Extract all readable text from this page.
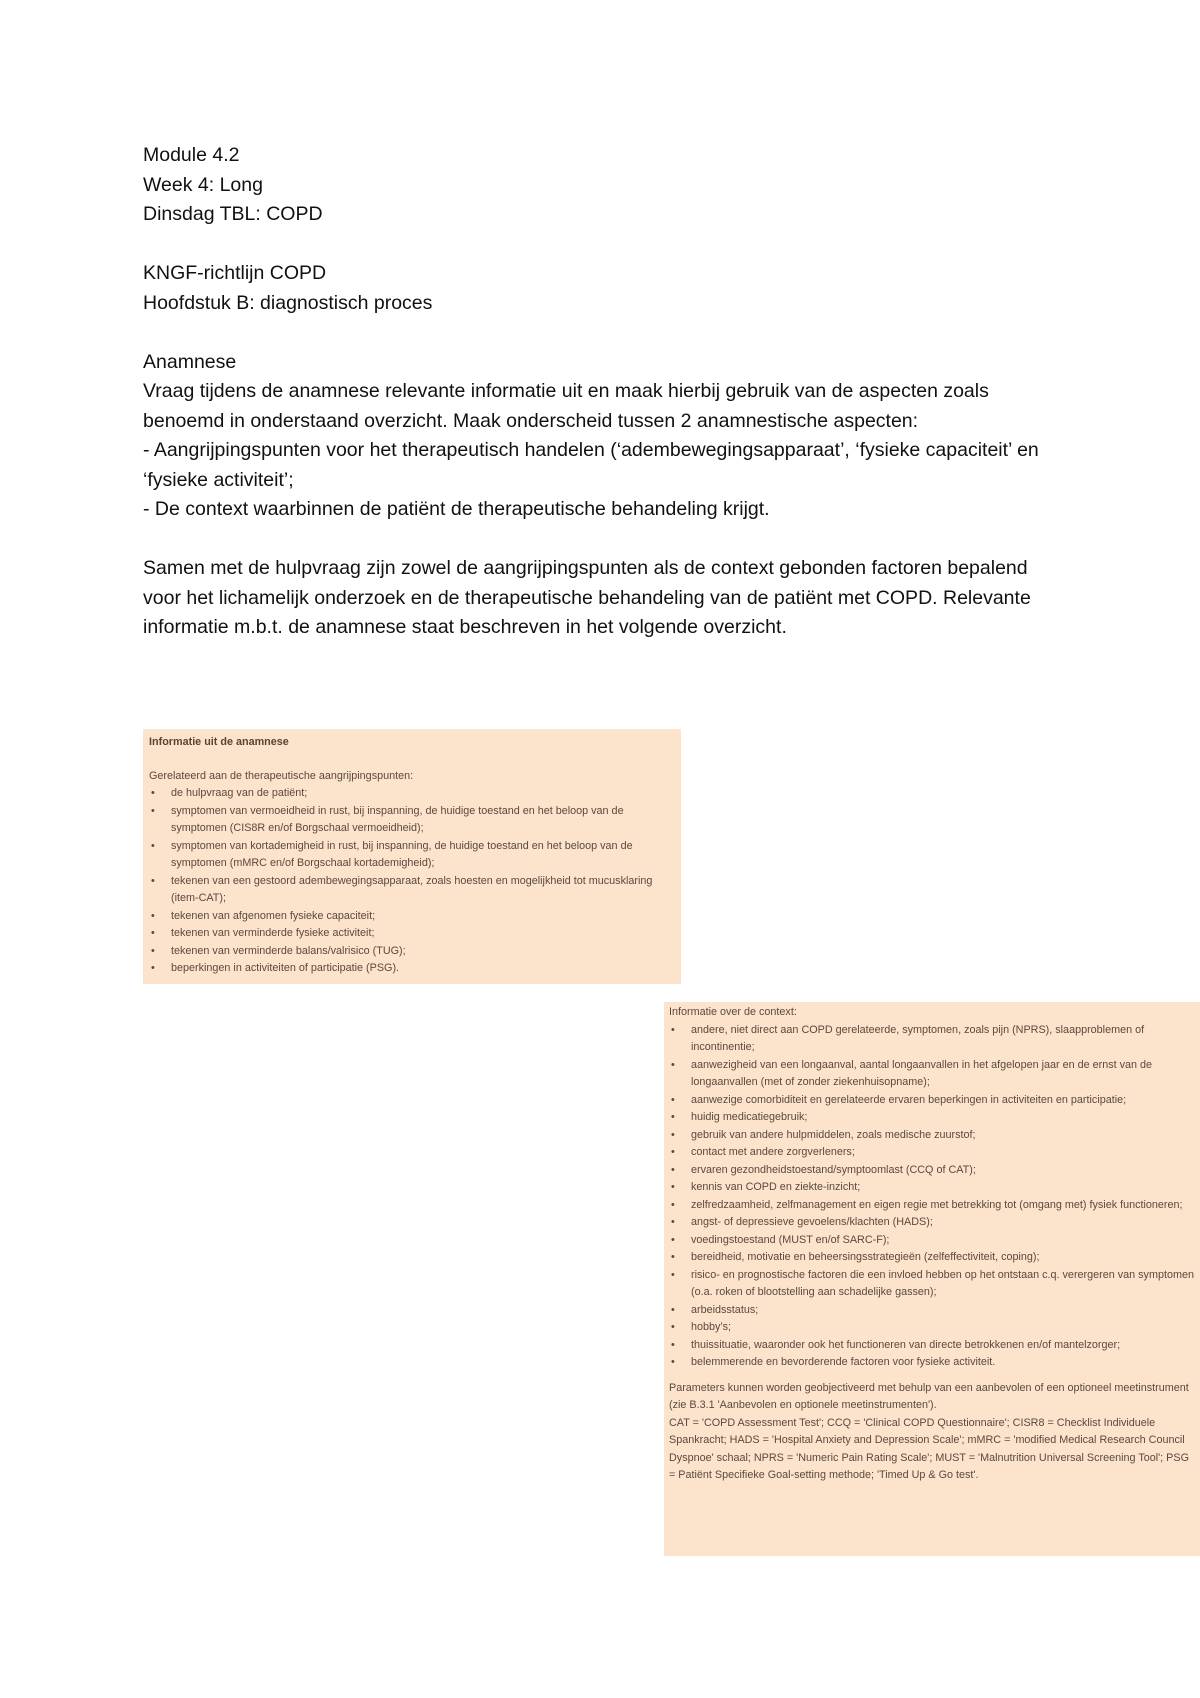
Module 4.2
Week 4: Long
Dinsdag TBL: COPD
KNGF-richtlijn COPD
Hoofdstuk B: diagnostisch proces
Anamnese
Vraag tijdens de anamnese relevante informatie uit en maak hierbij gebruik van de aspecten zoals benoemd in onderstaand overzicht. Maak onderscheid tussen 2 anamnestische aspecten:
- Aangrijpingspunten voor het therapeutisch handelen (‘adembewegingsapparaat’, ‘fysieke capaciteit’ en ‘fysieke activiteit’;
- De context waarbinnen de patiënt de therapeutische behandeling krijgt.
Samen met de hulpvraag zijn zowel de aangrijpingspunten als de context gebonden factoren bepalend voor het lichamelijk onderzoek en de therapeutische behandeling van de patiënt met COPD. Relevante informatie m.b.t. de anamnese staat beschreven in het volgende overzicht.
Informatie uit de anamnese
Gerelateerd aan de therapeutische aangrijpingspunten:
• de hulpvraag van de patiënt;
• symptomen van vermoeidheid in rust, bij inspanning, de huidige toestand en het beloop van de symptomen (CIS8R en/of Borgschaal vermoeidheid);
• symptomen van kortademigheid in rust, bij inspanning, de huidige toestand en het beloop van de symptomen (mMRC en/of Borgschaal kortademigheid);
• tekenen van een gestoord adembewegingsapparaat, zoals hoesten en mogelijkheid tot mucusklaring (item-CAT);
• tekenen van afgenomen fysieke capaciteit;
• tekenen van verminderde fysieke activiteit;
• tekenen van verminderde balans/valrisico (TUG);
• beperkingen in activiteiten of participatie (PSG).
Informatie over de context:
• andere, niet direct aan COPD gerelateerde, symptomen, zoals pijn (NPRS), slaapproblemen of incontinentie;
• aanwezigheid van een longaanval, aantal longaanvallen in het afgelopen jaar en de ernst van de longaanvallen (met of zonder ziekenhuisopname);
• aanwezige comorbiditeit en gerelateerde ervaren beperkingen in activiteiten en participatie;
• huidig medicatiegebruik;
• gebruik van andere hulpmiddelen, zoals medische zuurstof;
• contact met andere zorgverleners;
• ervaren gezondheidstoestand/symptoomlast (CCQ of CAT);
• kennis van COPD en ziekte-inzicht;
• zelfredzaamheid, zelfmanagement en eigen regie met betrekking tot (omgang met) fysiek functioneren;
• angst- of depressieve gevoelens/klachten (HADS);
• voedingstoestand (MUST en/of SARC-F);
• bereidheid, motivatie en beheersingsstrategieën (zelfeffectiviteit, coping);
• risico- en prognostische factoren die een invloed hebben op het ontstaan c.q. verergeren van symptomen (o.a. roken of blootstelling aan schadelijke gassen);
• arbeidsstatus;
• hobby’s;
• thuissituatie, waaronder ook het functioneren van directe betrokkenen en/of mantelzorger;
• belemmerende en bevorderende factoren voor fysieke activiteit.
Parameters kunnen worden geobjectiveerd met behulp van een aanbevolen of een optioneel meetinstrument (zie B.3.1 'Aanbevolen en optionele meetinstrumenten').
CAT = 'COPD Assessment Test'; CCQ = 'Clinical COPD Questionnaire'; CISR8 = Checklist Individuele Spankracht; HADS = 'Hospital Anxiety and Depression Scale'; mMRC = 'modified Medical Research Council Dyspnoe' schaal; NPRS = 'Numeric Pain Rating Scale'; MUST = 'Malnutrition Universal Screening Tool'; PSG = Patiënt Specifieke Goal-setting methode; 'Timed Up & Go test'.
